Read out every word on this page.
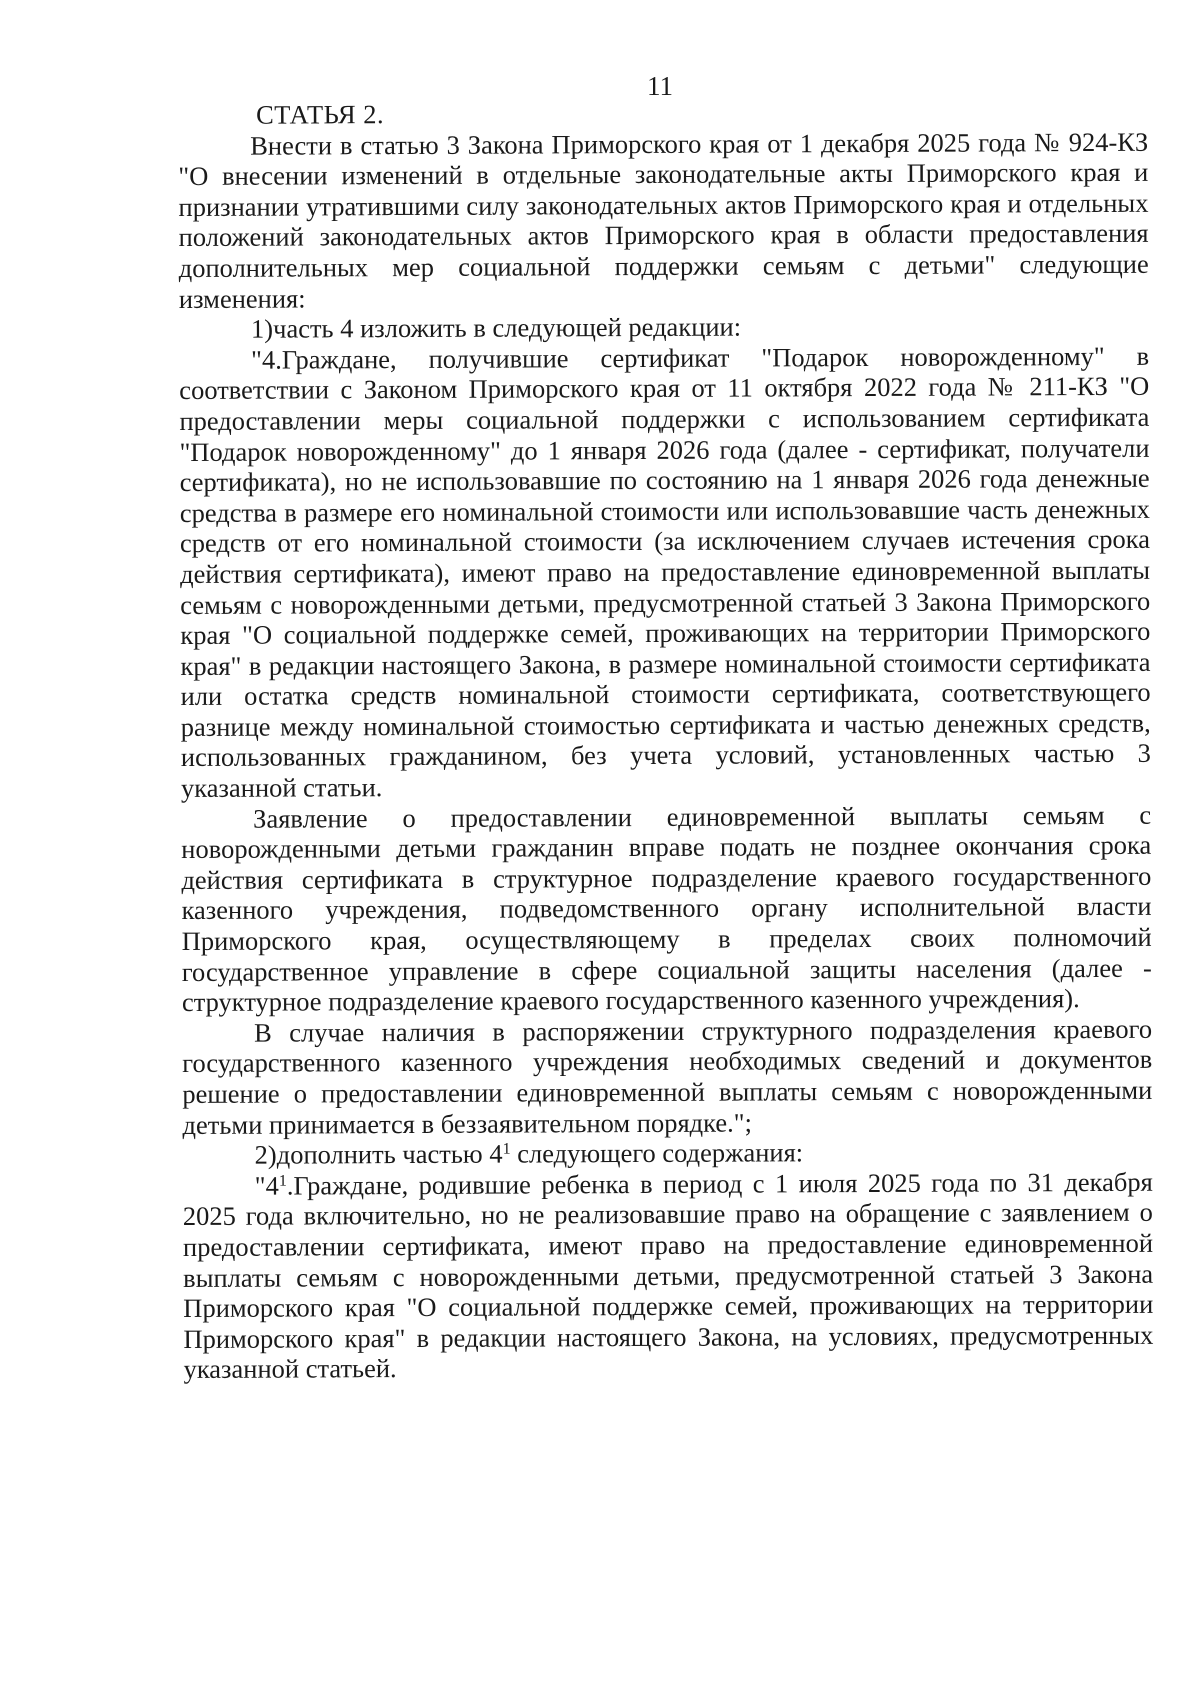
11
СТАТЬЯ 2.

Внести в статью 3 Закона Приморского края от 1 декабря 2025 года № 924-КЗ "О внесении изменений в отдельные законодательные акты Приморского края и признании утратившими силу законодательных актов Приморского края и отдельных положений законодательных актов Приморского края в области предоставления дополнительных мер социальной поддержки семьям с детьми" следующие изменения:

1)часть 4 изложить в следующей редакции:

"4.Граждане, получившие сертификат "Подарок новорожденному" в соответствии с Законом Приморского края от 11 октября 2022 года № 211-КЗ "О предоставлении меры социальной поддержки с использованием сертификата "Подарок новорожденному" до 1 января 2026 года (далее - сертификат, получатели сертификата), но не использовавшие по состоянию на 1 января 2026 года денежные средства в размере его номинальной стоимости или использовавшие часть денежных средств от его номинальной стоимости (за исключением случаев истечения срока действия сертификата), имеют право на предоставление единовременной выплаты семьям с новорожденными детьми, предусмотренной статьей 3 Закона Приморского края "О социальной поддержке семей, проживающих на территории Приморского края" в редакции настоящего Закона, в размере номинальной стоимости сертификата или остатка средств номинальной стоимости сертификата, соответствующего разнице между номинальной стоимостью сертификата и частью денежных средств, использованных гражданином, без учета условий, установленных частью 3 указанной статьи.

Заявление о предоставлении единовременной выплаты семьям с новорожденными детьми гражданин вправе подать не позднее окончания срока действия сертификата в структурное подразделение краевого государственного казенного учреждения, подведомственного органу исполнительной власти Приморского края, осуществляющему в пределах своих полномочий государственное управление в сфере социальной защиты населения (далее - структурное подразделение краевого государственного казенного учреждения).

В случае наличия в распоряжении структурного подразделения краевого государственного казенного учреждения необходимых сведений и документов решение о предоставлении единовременной выплаты семьям с новорожденными детьми принимается в беззаявительном порядке.";

2)дополнить частью $4^1$ следующего содержания:

"$4^1.Граждане$, родившие ребенка в период с 1 июля 2025 года по 31 декабря 2025 года включительно, но не реализовавшие право на обращение с заявлением о предоставлении сертификата, имеют право на предоставление единовременной выплаты семьям с новорожденными детьми, предусмотренной статьей 3 Закона Приморского края "О социальной поддержке семей, проживающих на территории Приморского края" в редакции настоящего Закона, на условиях, предусмотренных указанной статьей.
